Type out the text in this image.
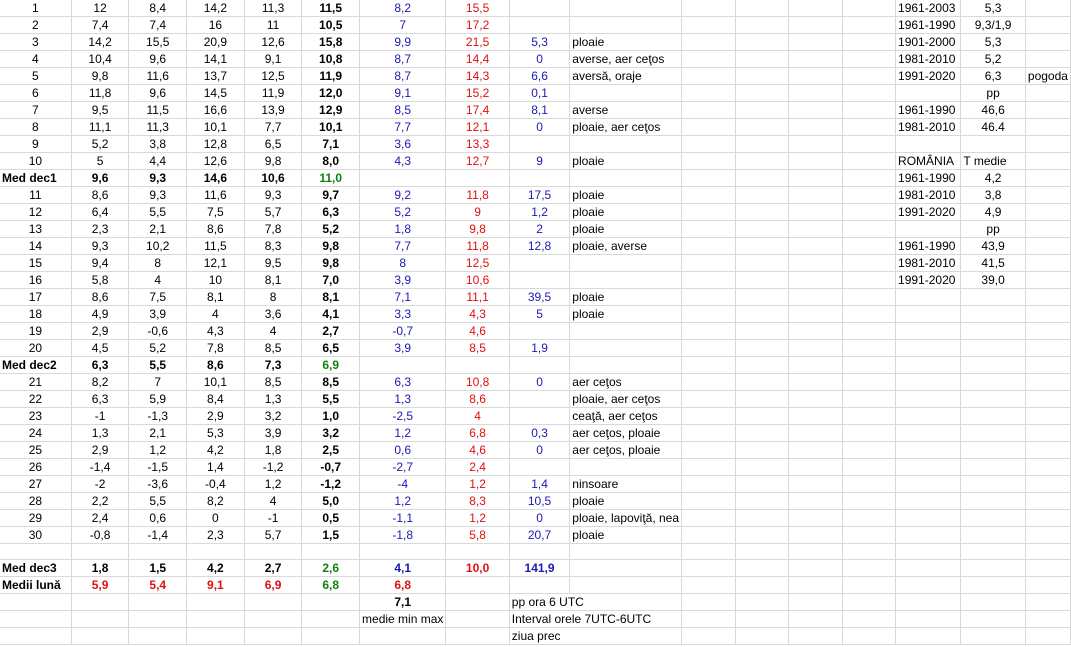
1	12	8,4	14,2	11,3	11,5	8,2	15,5							1961-2003	5,3	
2	7,4	7,4	16	11	10,5	7	17,2							1961-1990	9,3/1,9	
3	14,2	15,5	20,9	12,6	15,8	9,9	21,5	5,3	ploaie					1901-2000	5,3	
4	10,4	9,6	14,1	9,1	10,8	8,7	14,4	0	averse, aer ceţos					1981-2010	5,2	
5	9,8	11,6	13,7	12,5	11,9	8,7	14,3	6,6	aversă, oraje					1991-2020	6,3	pogoda
6	11,8	9,6	14,5	11,9	12,0	9,1	15,2	0,1							pp	
7	9,5	11,5	16,6	13,9	12,9	8,5	17,4	8,1	averse					1961-1990	46,6	
8	11,1	11,3	10,1	7,7	10,1	7,7	12,1	0	ploaie, aer ceţos					1981-2010	46.4	
9	5,2	3,8	12,8	6,5	7,1	3,6	13,3									
10	5	4,4	12,6	9,8	8,0	4,3	12,7	9	ploaie					ROMÂNIA	T medie	
Med dec1	9,6	9,3	14,6	10,6	11,0									1961-1990	4,2	
11	8,6	9,3	11,6	9,3	9,7	9,2	11,8	17,5	ploaie					1981-2010	3,8	
12	6,4	5,5	7,5	5,7	6,3	5,2	9	1,2	ploaie					1991-2020	4,9	
13	2,3	2,1	8,6	7,8	5,2	1,8	9,8	2	ploaie						pp	
14	9,3	10,2	11,5	8,3	9,8	7,7	11,8	12,8	ploaie, averse					1961-1990	43,9	
15	9,4	8	12,1	9,5	9,8	8	12,5							1981-2010	41,5	
16	5,8	4	10	8,1	7,0	3,9	10,6							1991-2020	39,0	
17	8,6	7,5	8,1	8	8,1	7,1	11,1	39,5	ploaie							
18	4,9	3,9	4	3,6	4,1	3,3	4,3	5	ploaie							
19	2,9	-0,6	4,3	4	2,7	-0,7	4,6									
20	4,5	5,2	7,8	8,5	6,5	3,9	8,5	1,9								
Med dec2	6,3	5,5	8,6	7,3	6,9											
21	8,2	7	10,1	8,5	8,5	6,3	10,8	0	aer ceţos							
22	6,3	5,9	8,4	1,3	5,5	1,3	8,6		ploaie, aer ceţos							
23	-1	-1,3	2,9	3,2	1,0	-2,5	4		ceaţă, aer ceţos							
24	1,3	2,1	5,3	3,9	3,2	1,2	6,8	0,3	aer ceţos, ploaie							
25	2,9	1,2	4,2	1,8	2,5	0,6	4,6	0	aer ceţos, ploaie							
26	-1,4	-1,5	1,4	-1,2	-0,7	-2,7	2,4									
27	-2	-3,6	-0,4	1,2	-1,2	-4	1,2	1,4	ninsoare							
28	2,2	5,5	8,2	4	5,0	1,2	8,3	10,5	ploaie							
29	2,4	0,6	0	-1	0,5	-1,1	1,2	0	ploaie, lapoviţă, nea							
30	-0,8	-1,4	2,3	5,7	1,5	-1,8	5,8	20,7	ploaie							

Med dec3	1,8	1,5	4,2	2,7	2,6	4,1	10,0	141,9								
Medii lună	5,9	5,4	9,1	6,9	6,8	6,8										
						7,1		pp ora 6 UTC								
						medie min max		Interval orele 7UTC-6UTC								
								ziua prec								
